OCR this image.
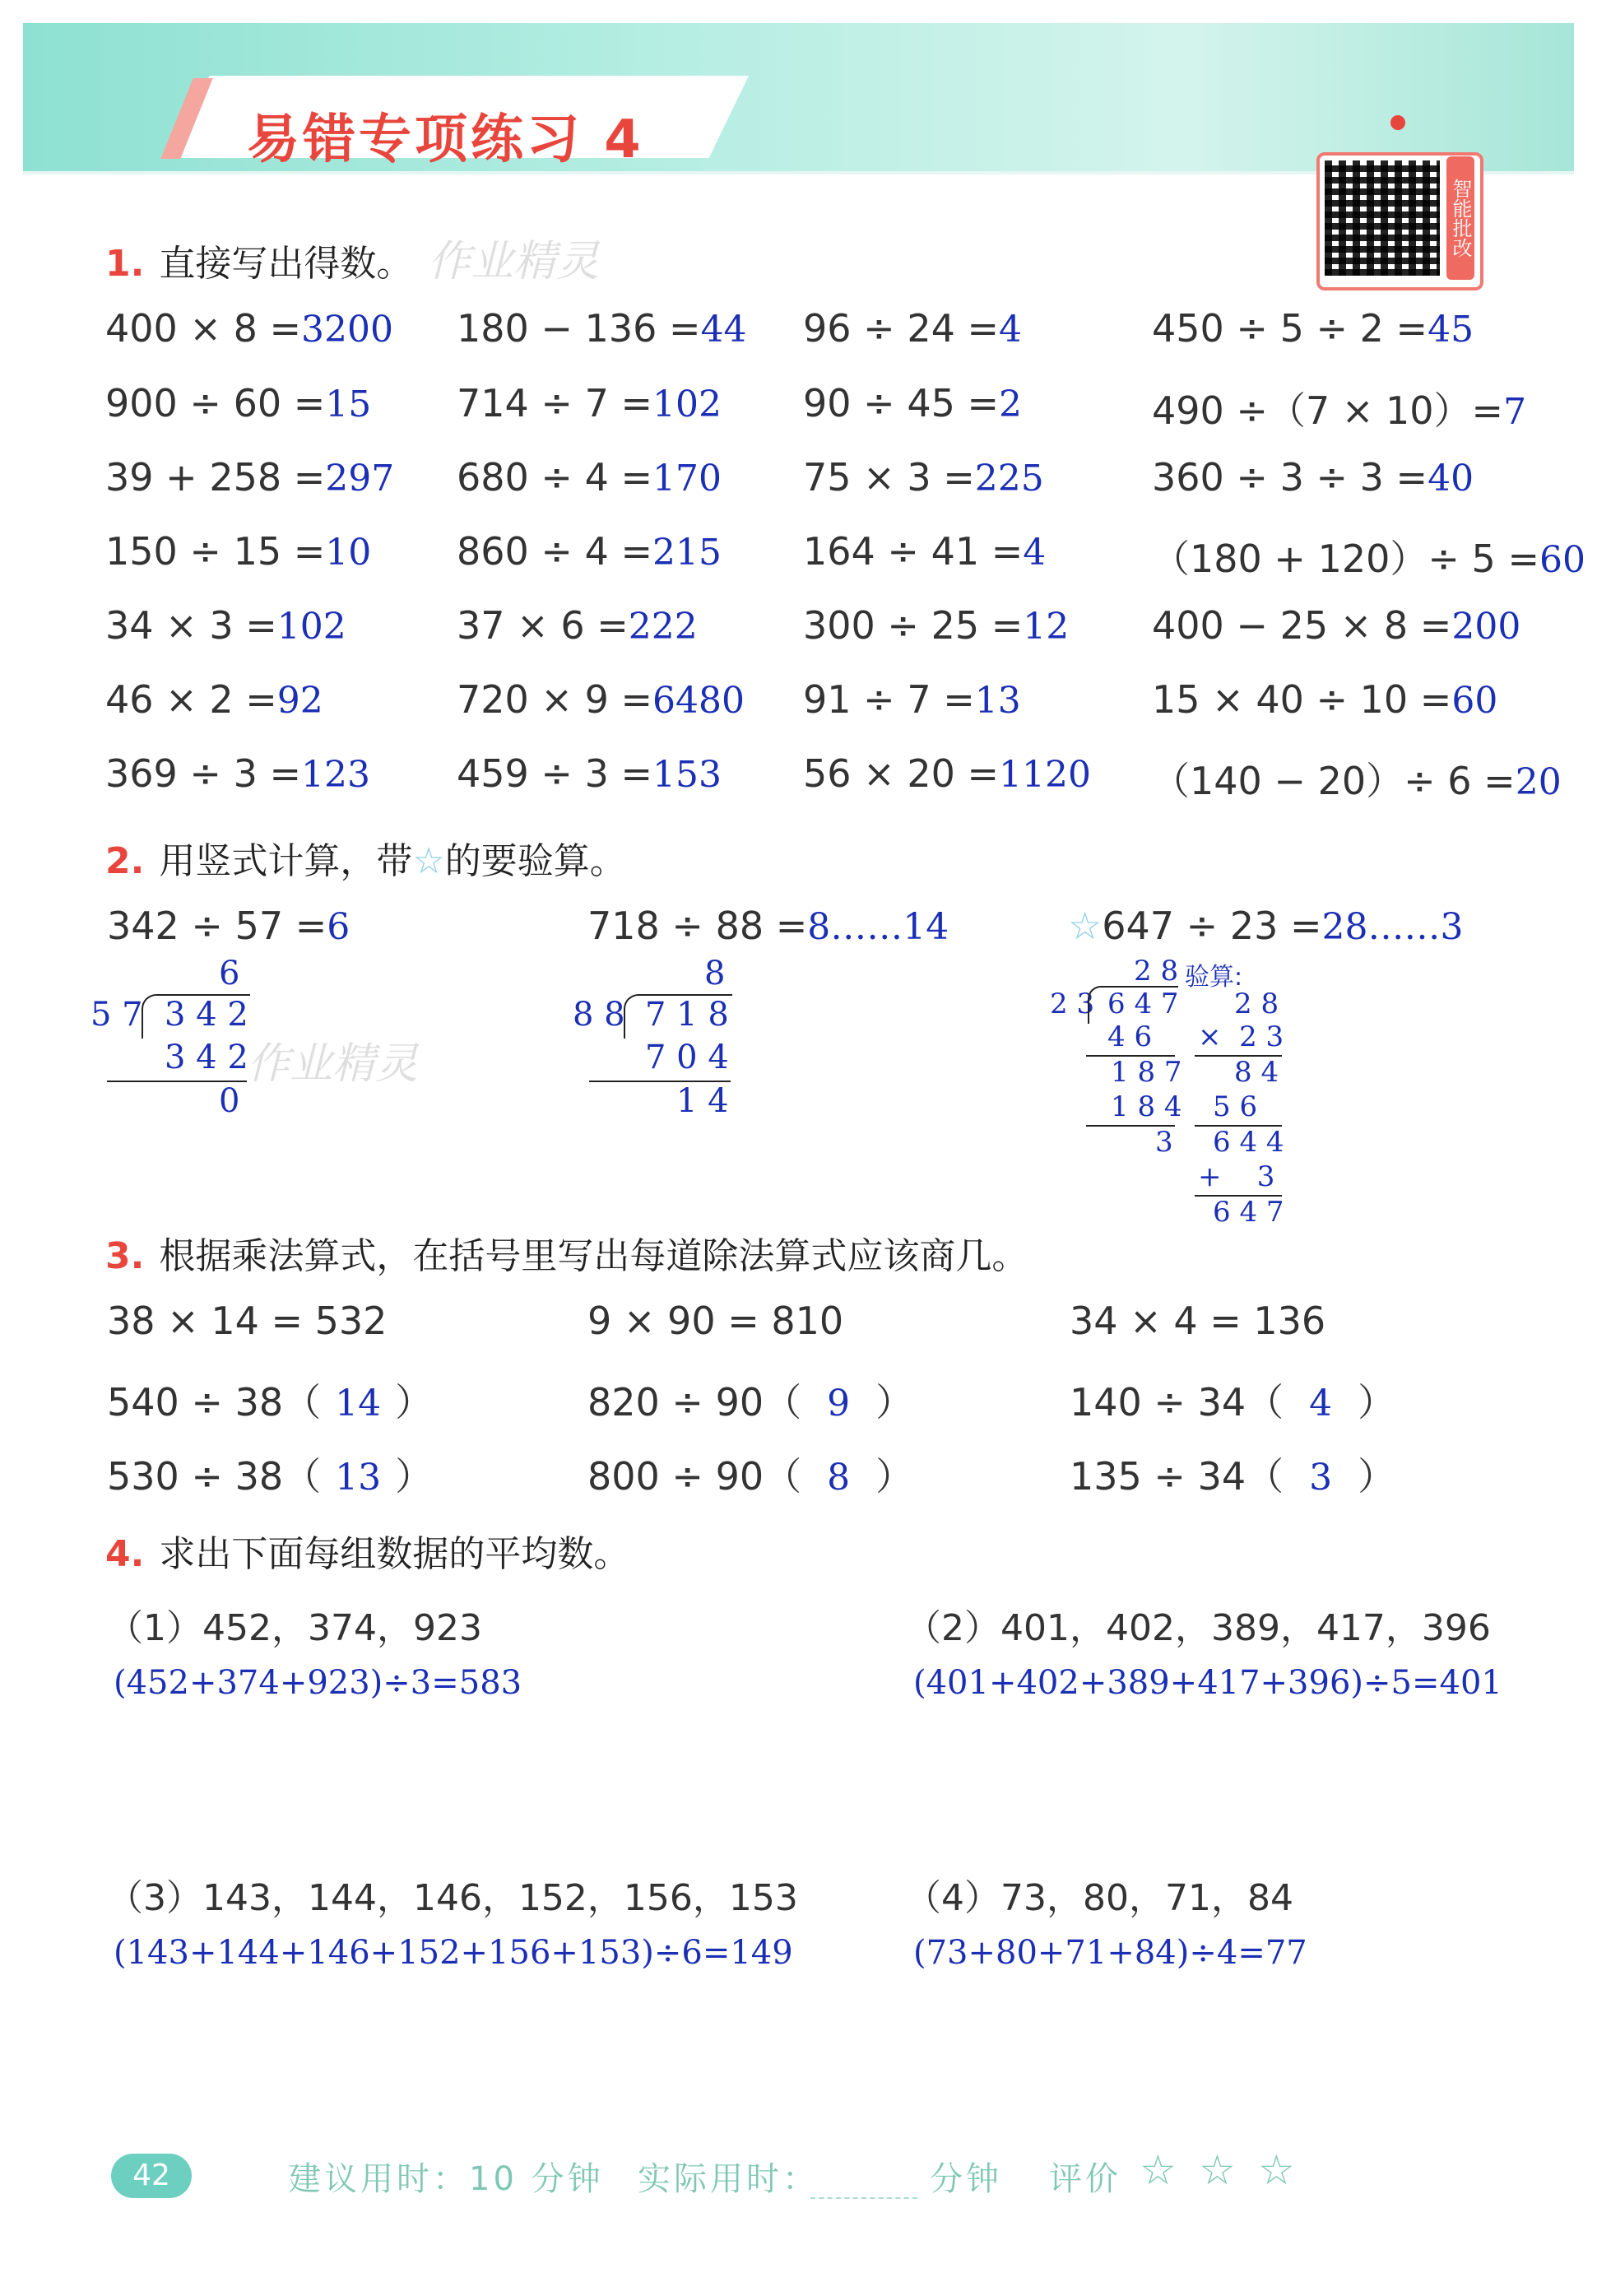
易错专项练习 4
智能批改
1. 直接写出得数。 作业精灵
400 × 8 =3200 180 − 136 =44 96 ÷ 24 =4	450 ÷ 5 ÷ 2 =45
900 ÷ 60 =15 714 ÷ 7 =102 90 ÷ 45 =2	490 ÷（7 × 10）=7
39 + 258 =297 680 ÷ 4 =170 75 × 3 =225	360 ÷ 3 ÷ 3 =40
150 ÷ 15 =10 860 ÷ 4 =215 164 ÷ 41 =4	（180 + 120）÷ 5 =60
34 × 3 =102	37 × 6 =222	300 ÷ 25 =12 400 − 25 × 8 =200
46 × 2 =92	720 × 9 =6480 91 ÷ 7 =13	15 × 40 ÷ 10 =60
369 ÷ 3 =123 459 ÷ 3 =153 56 × 20 =1120 （140 − 20）÷ 6 =20
2. 用竖式计算，带☆的要验算。
342 ÷ 57 =6
6
5 7 3 4 2
3 4 2
0
作业精灵
718 ÷ 88 =8……14
8
8 8 7 1 8
7 0 4
1 4
☆647 ÷ 23 =28……3
2 8
2 3 6 4 7
4 6
1 8 7
1 8 4
3
验算:
2 8
×  2 3
8 4
5 6
6 4 4
+    3
6 4 7
3. 根据乘法算式，在括号里写出每道除法算式应该商几。
38 × 14 = 532
540 ÷ 38（ 14 ）
530 ÷ 38（ 13 ）
9 × 90 = 810
820 ÷ 90（ 9 ）
800 ÷ 90（ 8 ）
34 × 4 = 136
140 ÷ 34（ 4 ）
135 ÷ 34（ 3 ）
4. 求出下面每组数据的平均数。
（1）452，374，923
(452+374+923)÷3=583
（2）401，402，389，417，396
(401+402+389+417+396)÷5=401
（3）143，144，146，152，156，153
(143+144+146+152+156+153)÷6=149
（4）73，80，71，84
(73+80+71+84)÷4=77
42	建议用时：10 分钟 实际用时：	分钟 评价 ☆ ☆ ☆
